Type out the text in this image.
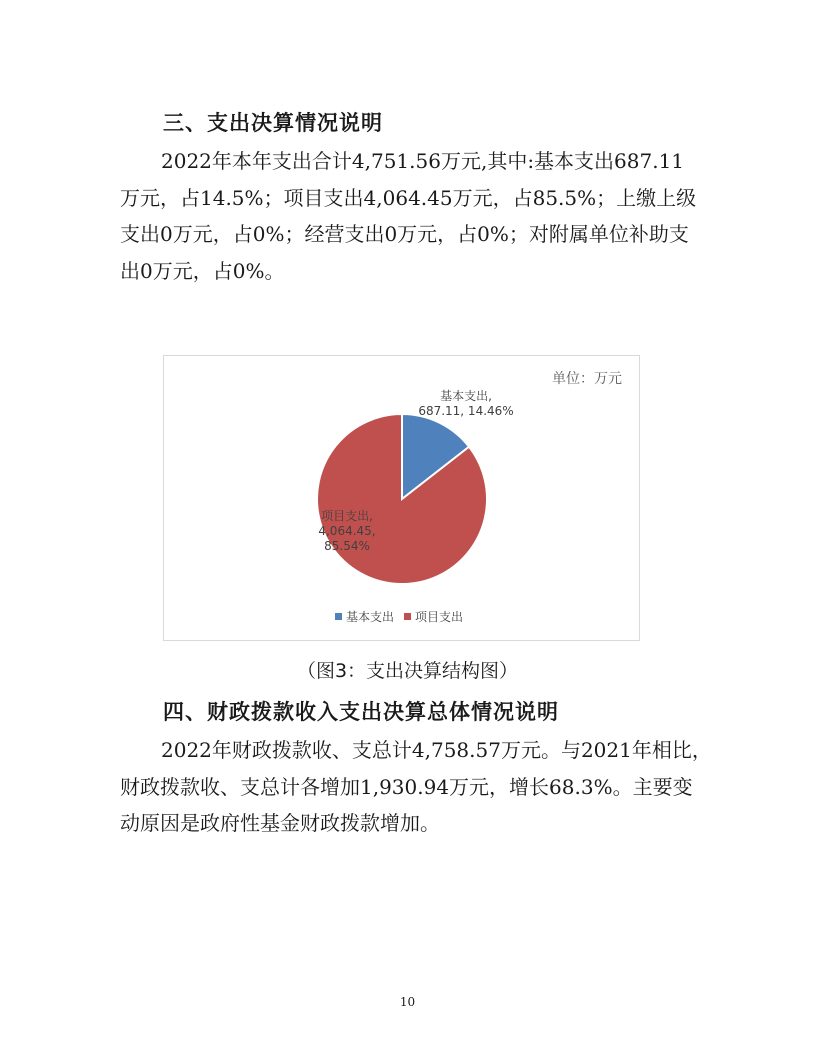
三、支出决算情况说明

2022年本年支出合计4,751.56万元,其中:基本支出687.11
万元，占14.5%；项目支出4,064.45万元，占85.5%；上缴上级
支出0万元，占0%；经营支出0万元，占0%；对附属单位补助支
出0万元，占0%。

单位：万元
基本支出, 687.11, 14.46%
项目支出, 4,064.45, 85.54%
基本支出 项目支出
（图3：支出决算结构图）
四、财政拨款收入支出决算总体情况说明

2022年财政拨款收、支总计4,758.57万元。与2021年相比，
财政拨款收、支总计各增加1,930.94万元，增长68.3%。主要变
动原因是政府性基金财政拨款增加。

10
